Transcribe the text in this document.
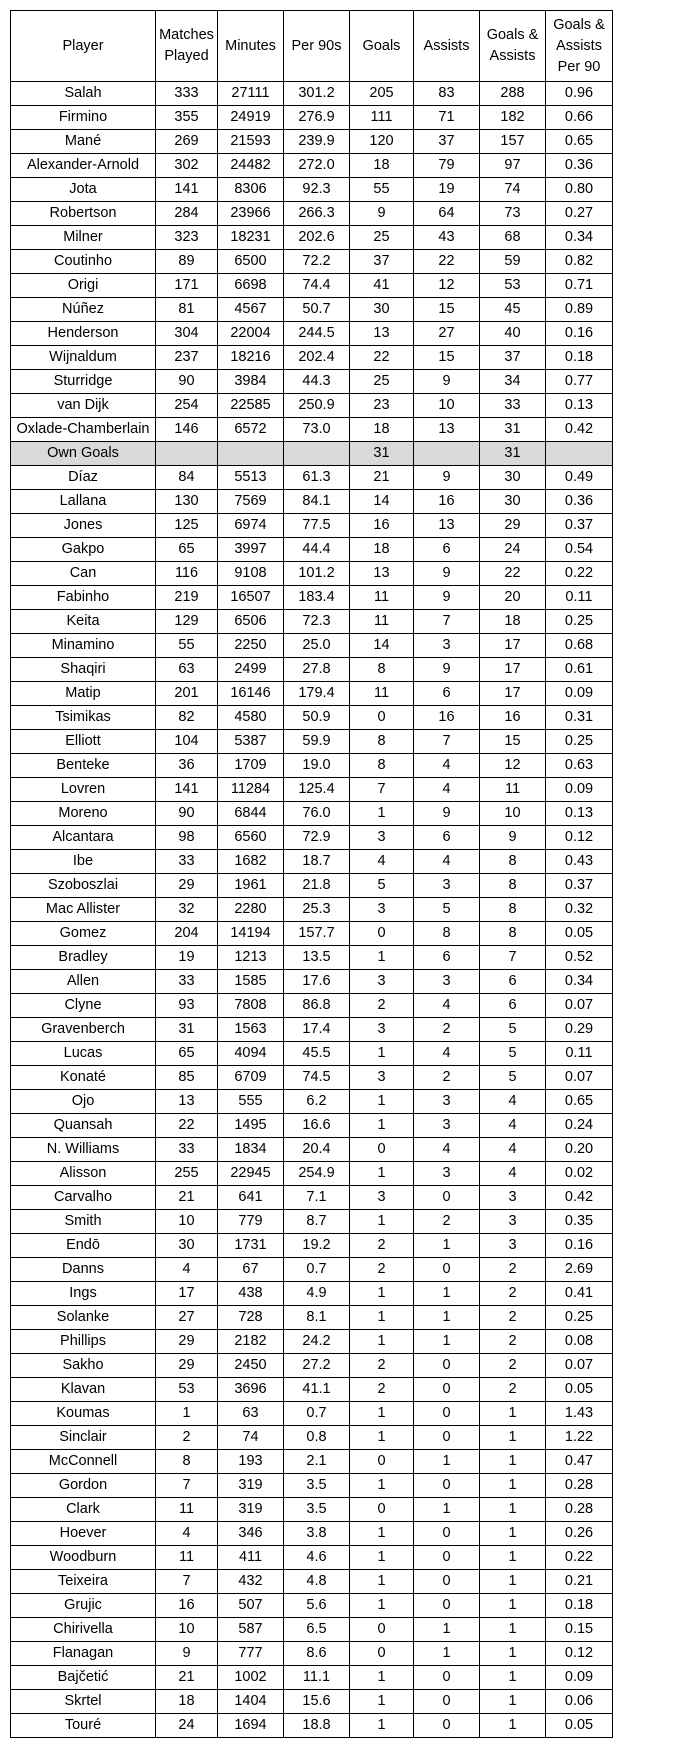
Player	Matches Played	Minutes	Per 90s	Goals	Assists	Goals & Assists	Goals & Assists Per 90
Salah	333	27111	301.2	205	83	288	0.96
Firmino	355	24919	276.9	111	71	182	0.66
Mané	269	21593	239.9	120	37	157	0.65
Alexander-Arnold	302	24482	272.0	18	79	97	0.36
Jota	141	8306	92.3	55	19	74	0.80
Robertson	284	23966	266.3	9	64	73	0.27
Milner	323	18231	202.6	25	43	68	0.34
Coutinho	89	6500	72.2	37	22	59	0.82
Origi	171	6698	74.4	41	12	53	0.71
Núñez	81	4567	50.7	30	15	45	0.89
Henderson	304	22004	244.5	13	27	40	0.16
Wijnaldum	237	18216	202.4	22	15	37	0.18
Sturridge	90	3984	44.3	25	9	34	0.77
van Dijk	254	22585	250.9	23	10	33	0.13
Oxlade-Chamberlain	146	6572	73.0	18	13	31	0.42
Own Goals				31		31	
Díaz	84	5513	61.3	21	9	30	0.49
Lallana	130	7569	84.1	14	16	30	0.36
Jones	125	6974	77.5	16	13	29	0.37
Gakpo	65	3997	44.4	18	6	24	0.54
Can	116	9108	101.2	13	9	22	0.22
Fabinho	219	16507	183.4	11	9	20	0.11
Keita	129	6506	72.3	11	7	18	0.25
Minamino	55	2250	25.0	14	3	17	0.68
Shaqiri	63	2499	27.8	8	9	17	0.61
Matip	201	16146	179.4	11	6	17	0.09
Tsimikas	82	4580	50.9	0	16	16	0.31
Elliott	104	5387	59.9	8	7	15	0.25
Benteke	36	1709	19.0	8	4	12	0.63
Lovren	141	11284	125.4	7	4	11	0.09
Moreno	90	6844	76.0	1	9	10	0.13
Alcantara	98	6560	72.9	3	6	9	0.12
Ibe	33	1682	18.7	4	4	8	0.43
Szoboszlai	29	1961	21.8	5	3	8	0.37
Mac Allister	32	2280	25.3	3	5	8	0.32
Gomez	204	14194	157.7	0	8	8	0.05
Bradley	19	1213	13.5	1	6	7	0.52
Allen	33	1585	17.6	3	3	6	0.34
Clyne	93	7808	86.8	2	4	6	0.07
Gravenberch	31	1563	17.4	3	2	5	0.29
Lucas	65	4094	45.5	1	4	5	0.11
Konaté	85	6709	74.5	3	2	5	0.07
Ojo	13	555	6.2	1	3	4	0.65
Quansah	22	1495	16.6	1	3	4	0.24
N. Williams	33	1834	20.4	0	4	4	0.20
Alisson	255	22945	254.9	1	3	4	0.02
Carvalho	21	641	7.1	3	0	3	0.42
Smith	10	779	8.7	1	2	3	0.35
Endō	30	1731	19.2	2	1	3	0.16
Danns	4	67	0.7	2	0	2	2.69
Ings	17	438	4.9	1	1	2	0.41
Solanke	27	728	8.1	1	1	2	0.25
Phillips	29	2182	24.2	1	1	2	0.08
Sakho	29	2450	27.2	2	0	2	0.07
Klavan	53	3696	41.1	2	0	2	0.05
Koumas	1	63	0.7	1	0	1	1.43
Sinclair	2	74	0.8	1	0	1	1.22
McConnell	8	193	2.1	0	1	1	0.47
Gordon	7	319	3.5	1	0	1	0.28
Clark	11	319	3.5	0	1	1	0.28
Hoever	4	346	3.8	1	0	1	0.26
Woodburn	11	411	4.6	1	0	1	0.22
Teixeira	7	432	4.8	1	0	1	0.21
Grujic	16	507	5.6	1	0	1	0.18
Chirivella	10	587	6.5	0	1	1	0.15
Flanagan	9	777	8.6	0	1	1	0.12
Bajčetić	21	1002	11.1	1	0	1	0.09
Skrtel	18	1404	15.6	1	0	1	0.06
Touré	24	1694	18.8	1	0	1	0.05
